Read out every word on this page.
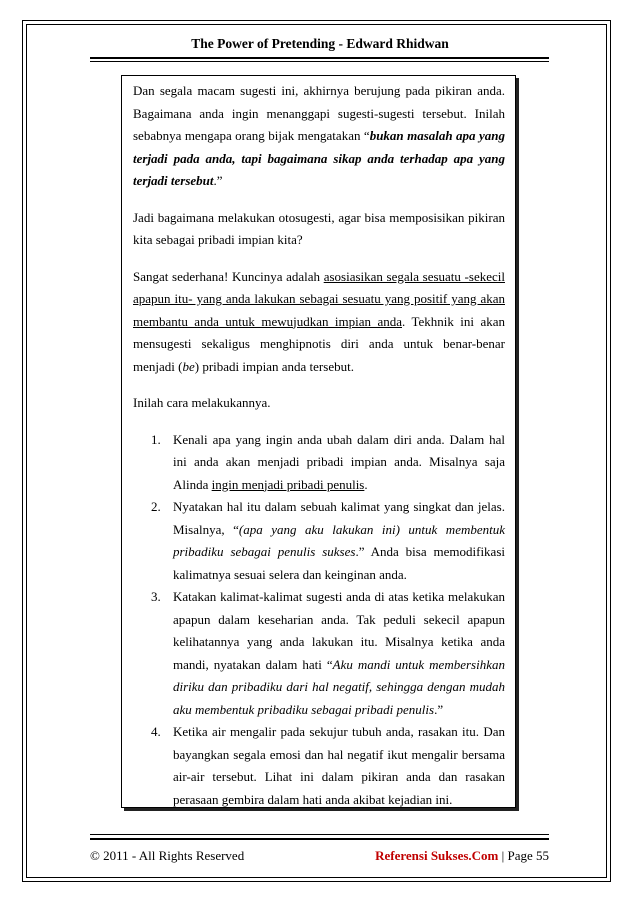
The Power of Pretending - Edward Rhidwan

Dan segala macam sugesti ini, akhirnya berujung pada pikiran anda. Bagaimana anda ingin menanggapi sugesti-sugesti tersebut. Inilah sebabnya mengapa orang bijak mengatakan “bukan masalah apa yang terjadi pada anda, tapi bagaimana sikap anda terhadap apa yang terjadi tersebut.”

Jadi bagaimana melakukan otosugesti, agar bisa memposisikan pikiran kita sebagai pribadi impian kita?

Sangat sederhana! Kuncinya adalah asosiasikan segala sesuatu -sekecil apapun itu- yang anda lakukan sebagai sesuatu yang positif yang akan membantu anda untuk mewujudkan impian anda. Tekhnik ini akan mensugesti sekaligus menghipnotis diri anda untuk benar-benar menjadi (be) pribadi impian anda tersebut.

Inilah cara melakukannya.

1. Kenali apa yang ingin anda ubah dalam diri anda. Dalam hal ini anda akan menjadi pribadi impian anda. Misalnya saja Alinda ingin menjadi pribadi penulis.
2. Nyatakan hal itu dalam sebuah kalimat yang singkat dan jelas. Misalnya, “(apa yang aku lakukan ini) untuk membentuk pribadiku sebagai penulis sukses.” Anda bisa memodifikasi kalimatnya sesuai selera dan keinginan anda.
3. Katakan kalimat-kalimat sugesti anda di atas ketika melakukan apapun dalam keseharian anda. Tak peduli sekecil apapun kelihatannya yang anda lakukan itu. Misalnya ketika anda mandi, nyatakan dalam hati “Aku mandi untuk membersihkan diriku dan pribadiku dari hal negatif, sehingga dengan mudah aku membentuk pribadiku sebagai pribadi penulis.”
4. Ketika air mengalir pada sekujur tubuh anda, rasakan itu. Dan bayangkan segala emosi dan hal negatif ikut mengalir bersama air-air tersebut. Lihat ini dalam pikiran anda dan rasakan perasaan gembira dalam hati anda akibat kejadian ini.
© 2011 - All Rights Reserved	Referensi Sukses.Com | Page 55
